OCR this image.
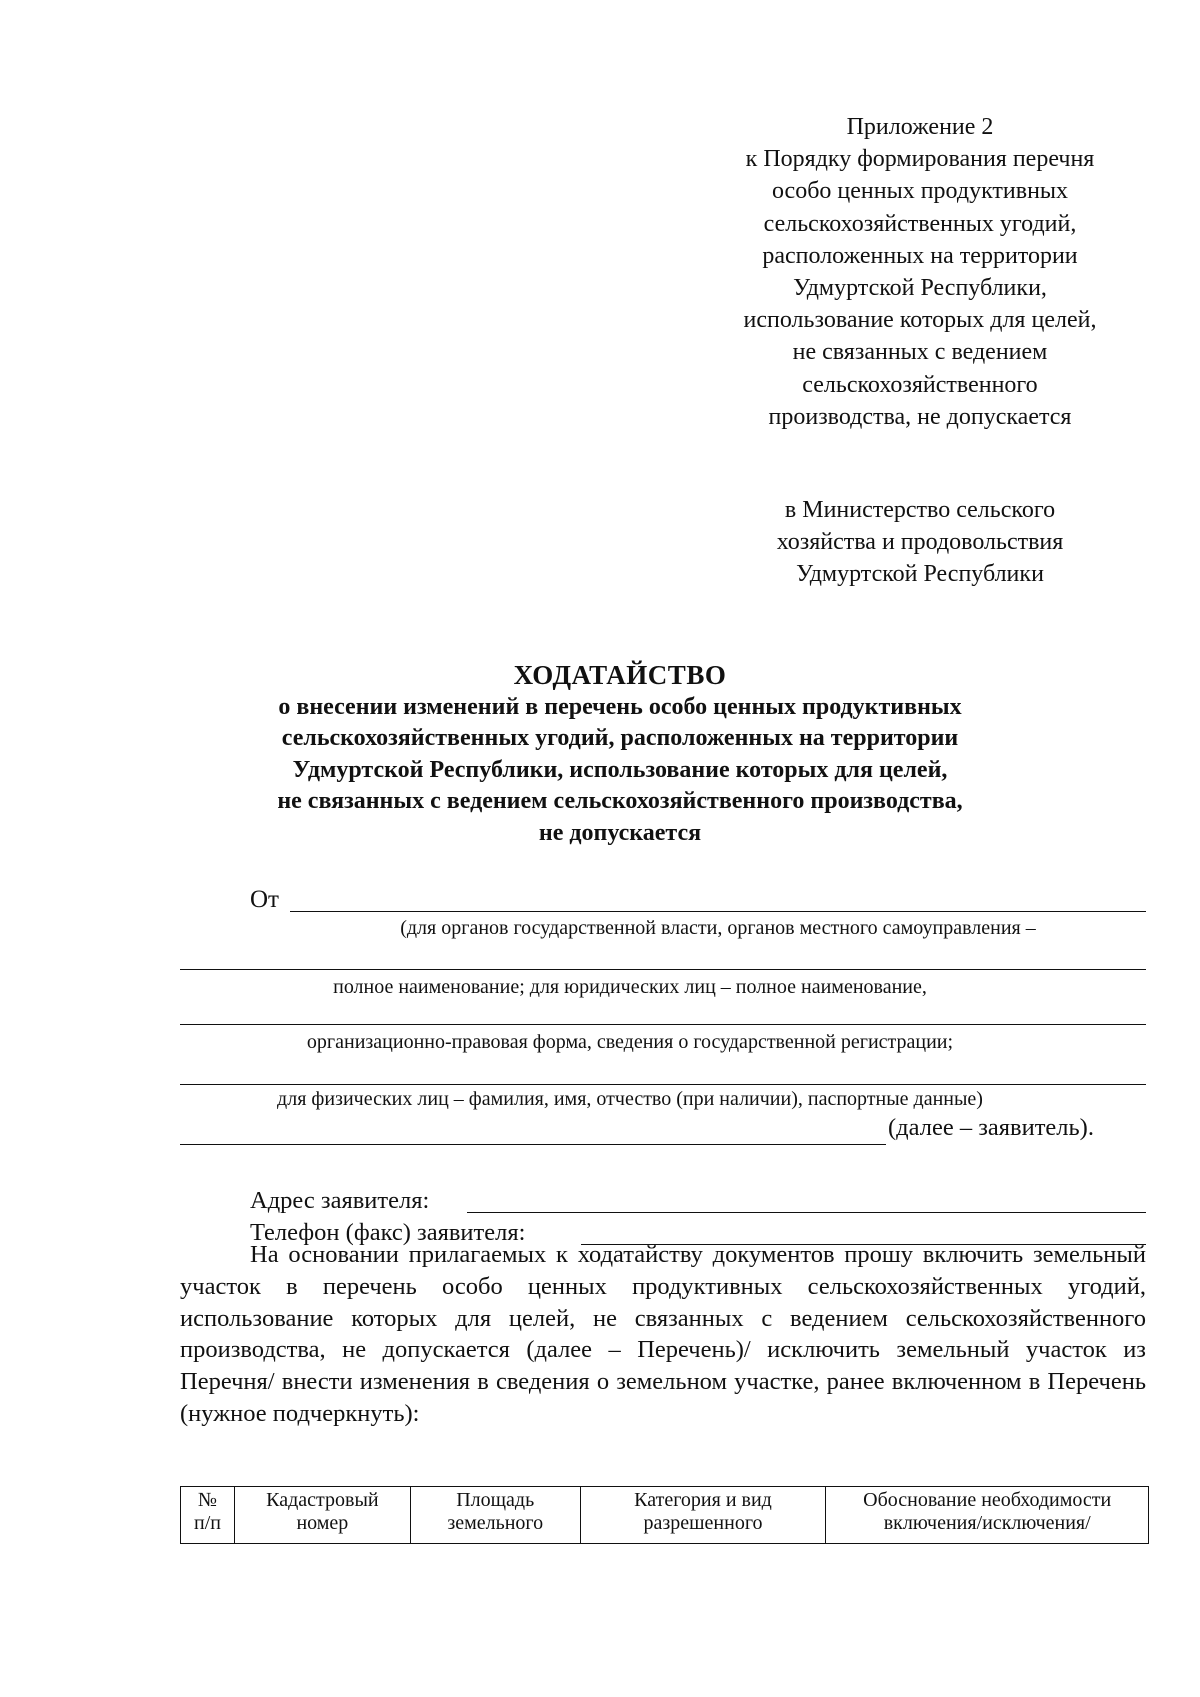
Приложение 2
к Порядку формирования перечня
особо ценных продуктивных
сельскохозяйственных угодий,
расположенных на территории
Удмуртской Республики,
использование которых для целей,
не связанных с ведением
сельскохозяйственного
производства, не допускается
в Министерство сельского
хозяйства и продовольствия
Удмуртской Республики
ХОДАТАЙСТВО
о внесении изменений в перечень особо ценных продуктивных
сельскохозяйственных угодий, расположенных на территории
Удмуртской Республики, использование которых для целей,
не связанных с ведением сельскохозяйственного производства,
не допускается
От
(для органов государственной власти, органов местного самоуправления –
полное наименование; для юридических лиц – полное наименование,
организационно-правовая форма, сведения о государственной регистрации;
для физических лиц – фамилия, имя, отчество (при наличии), паспортные данные)
(далее – заявитель).
Адрес заявителя:
Телефон (факс) заявителя:
На основании прилагаемых к ходатайству документов прошу включить земельный участок в перечень особо ценных продуктивных сельскохозяйственных угодий, использование которых для целей, не связанных с ведением сельскохозяйственного производства, не допускается (далее – Перечень)/ исключить земельный участок из Перечня/ внести изменения в сведения о земельном участке, ранее включенном в Перечень (нужное подчеркнуть):
№
п/п

Кадастровый
номер

Площадь
земельного

Категория и вид
разрешенного

Обоснование необходимости
включения/исключения/
